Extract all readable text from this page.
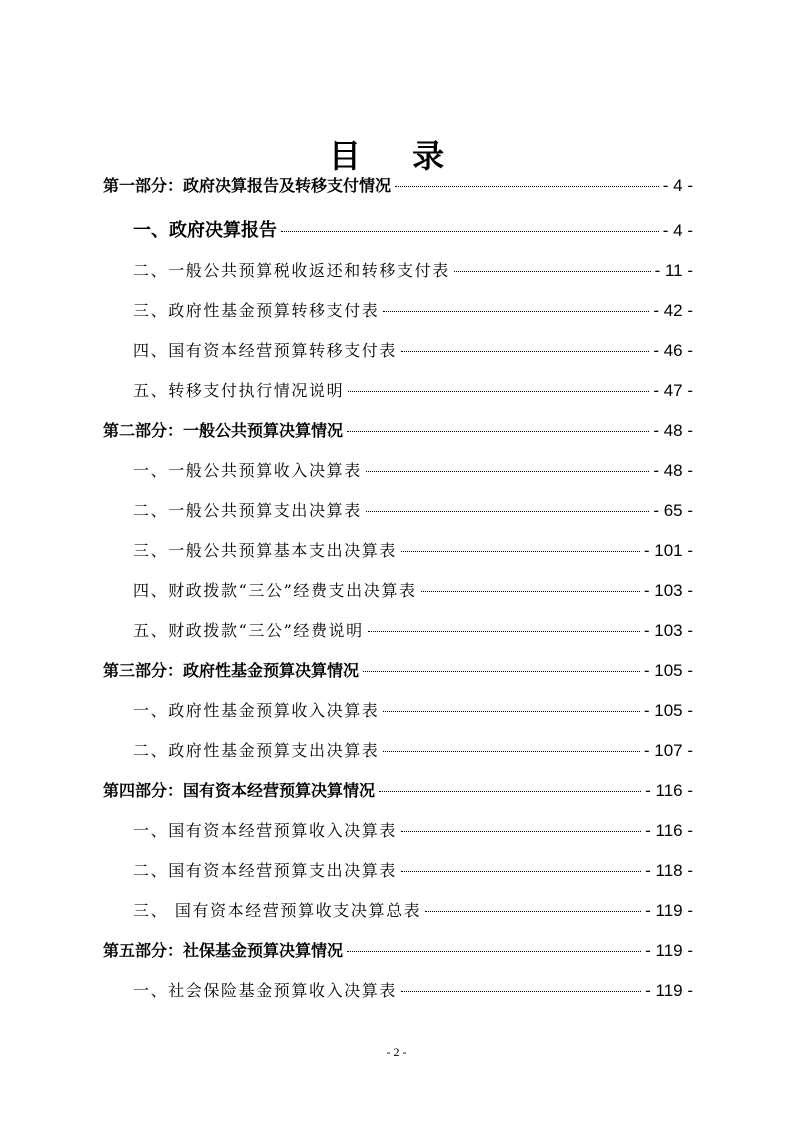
目 录
第一部分：政府决算报告及转移支付情况	- 4 -
一、政府决算报告	- 4 -
二、一般公共预算税收返还和转移支付表	- 11 -
三、政府性基金预算转移支付表	- 42 -
四、国有资本经营预算转移支付表	- 46 -
五、转移支付执行情况说明	- 47 -
第二部分：一般公共预算决算情况	- 48 -
一、一般公共预算收入决算表	- 48 -
二、一般公共预算支出决算表	- 65 -
三、一般公共预算基本支出决算表	- 101 -
四、财政拨款“三公”经费支出决算表	- 103 -
五、财政拨款“三公”经费说明	- 103 -
第三部分：政府性基金预算决算情况	- 105 -
一、政府性基金预算收入决算表	- 105 -
二、政府性基金预算支出决算表	- 107 -
第四部分：国有资本经营预算决算情况	- 116 -
一、国有资本经营预算收入决算表	- 116 -
二、国有资本经营预算支出决算表	- 118 -
三、 国有资本经营预算收支决算总表	- 119 -
第五部分：社保基金预算决算情况	- 119 -
一、社会保险基金预算收入决算表	- 119 -
- 2 -
